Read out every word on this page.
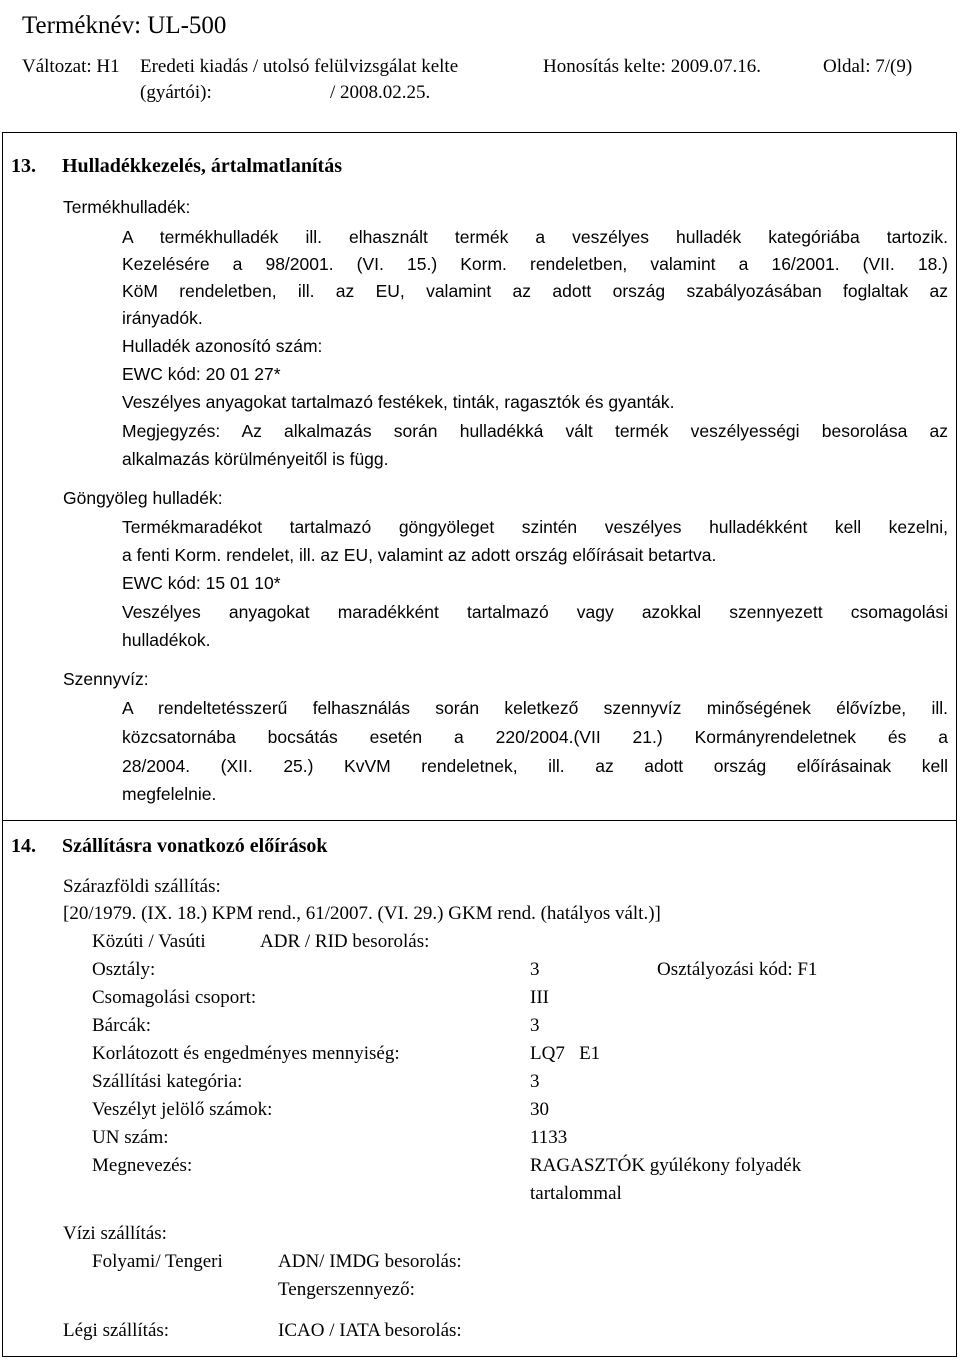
Terméknév: UL-500
Változat: H1 Eredeti kiadás / utolsó felülvizsgálat kelte
(gyártói):	/ 2008.02.25.
Honosítás kelte: 2009.07.16.	Oldal: 7/(9)
13. Hulladékkezelés, ártalmatlanítás
Termékhulladék:
A termékhulladék ill. elhasznált termék a veszélyes hulladék kategóriába tartozik.
Kezelésére a 98/2001. (VI. 15.) Korm. rendeletben, valamint a 16/2001. (VII. 18.)
KöM rendeletben, ill. az EU, valamint az adott ország szabályozásában foglaltak az
irányadók.
Hulladék azonosító szám:
EWC kód: 20 01 27*
Veszélyes anyagokat tartalmazó festékek, tinták, ragasztók és gyanták.
Megjegyzés: Az alkalmazás során hulladékká vált termék veszélyességi besorolása az
alkalmazás körülményeitől is függ.
Göngyöleg hulladék:
Termékmaradékot tartalmazó göngyöleget szintén veszélyes hulladékként kell kezelni,
a fenti Korm. rendelet, ill. az EU, valamint az adott ország előírásait betartva.
EWC kód: 15 01 10*
Veszélyes anyagokat maradékként tartalmazó vagy azokkal szennyezett csomagolási
hulladékok.
Szennyvíz:
A rendeltetésszerű felhasználás során keletkező szennyvíz minőségének élővízbe, ill.
közcsatornába bocsátás esetén a 220/2004.(VII 21.) Kormányrendeletnek és a
28/2004. (XII. 25.) KvVM rendeletnek, ill. az adott ország előírásainak kell
megfelelnie.
14. Szállításra vonatkozó előírások
Szárazföldi szállítás:
[20/1979. (IX. 18.) KPM rend., 61/2007. (VI. 29.) GKM rend. (hatályos vált.)]
Közúti / Vasúti	ADR / RID besorolás:
Osztály:	3	Osztályozási kód: F1
Csomagolási csoport:	III
Bárcák:	3
Korlátozott és engedményes mennyiség:	LQ7   E1
Szállítási kategória:	3
Veszélyt jelölő számok:	30
UN szám:	1133
Megnevezés:	RAGASZTÓK gyúlékony folyadék
tartalommal
Vízi szállítás:
Folyami/ Tengeri	ADN/ IMDG besorolás:
Tengerszennyező:
Légi szállítás:	ICAO / IATA besorolás:
